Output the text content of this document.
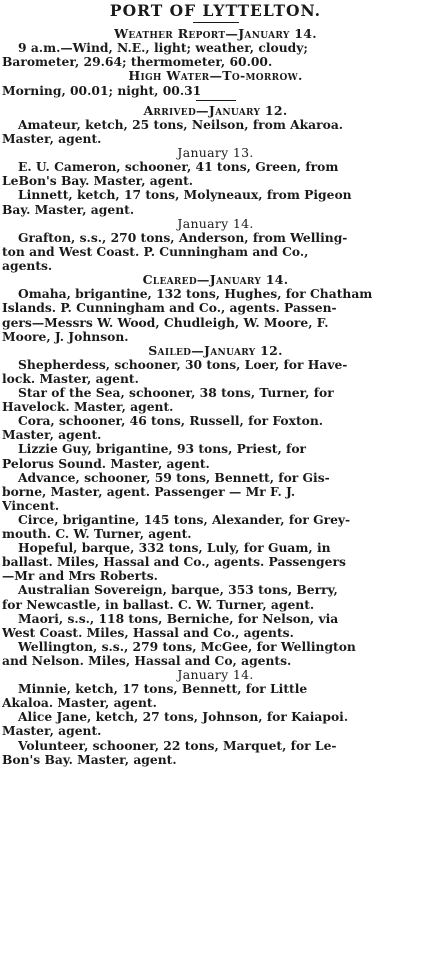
PORT OF LYTTELTON.
Weather Report—January 14.
9 a.m.—Wind, N.E., light; weather, cloudy;
Barometer, 29.64; thermometer, 60.00.
High Water—To-morrow.
Morning, 00.01; night, 00.31
Arrived—January 12.
Amateur, ketch, 25 tons, Neilson, from Akaroa.
Master, agent.
January 13.
E. U. Cameron, schooner, 41 tons, Green, from
LeBon's Bay. Master, agent.
Linnett, ketch, 17 tons, Molyneaux, from Pigeon
Bay. Master, agent.
January 14.
Grafton, s.s., 270 tons, Anderson, from Welling-
ton and West Coast. P. Cunningham and Co.,
agents.
Cleared—January 14.
Omaha, brigantine, 132 tons, Hughes, for Chatham
Islands. P. Cunningham and Co., agents. Passen-
gers—Messrs W. Wood, Chudleigh, W. Moore, F.
Moore, J. Johnson.
Sailed—January 12.
Shepherdess, schooner, 30 tons, Loer, for Have-
lock. Master, agent.
Star of the Sea, schooner, 38 tons, Turner, for
Havelock. Master, agent.
Cora, schooner, 46 tons, Russell, for Foxton.
Master, agent.
Lizzie Guy, brigantine, 93 tons, Priest, for
Pelorus Sound. Master, agent.
Advance, schooner, 59 tons, Bennett, for Gis-
borne, Master, agent. Passenger — Mr F. J.
Vincent.
Circe, brigantine, 145 tons, Alexander, for Grey-
mouth. C. W. Turner, agent.
Hopeful, barque, 332 tons, Luly, for Guam, in
ballast. Miles, Hassal and Co., agents. Passengers
—Mr and Mrs Roberts.
Australian Sovereign, barque, 353 tons, Berry,
for Newcastle, in ballast. C. W. Turner, agent.
Maori, s.s., 118 tons, Berniche, for Nelson, via
West Coast. Miles, Hassal and Co., agents.
Wellington, s.s., 279 tons, McGee, for Wellington
and Nelson. Miles, Hassal and Co, agents.
January 14.
Minnie, ketch, 17 tons, Bennett, for Little
Akaloa. Master, agent.
Alice Jane, ketch, 27 tons, Johnson, for Kaiapoi.
Master, agent.
Volunteer, schooner, 22 tons, Marquet, for Le-
Bon's Bay. Master, agent.
